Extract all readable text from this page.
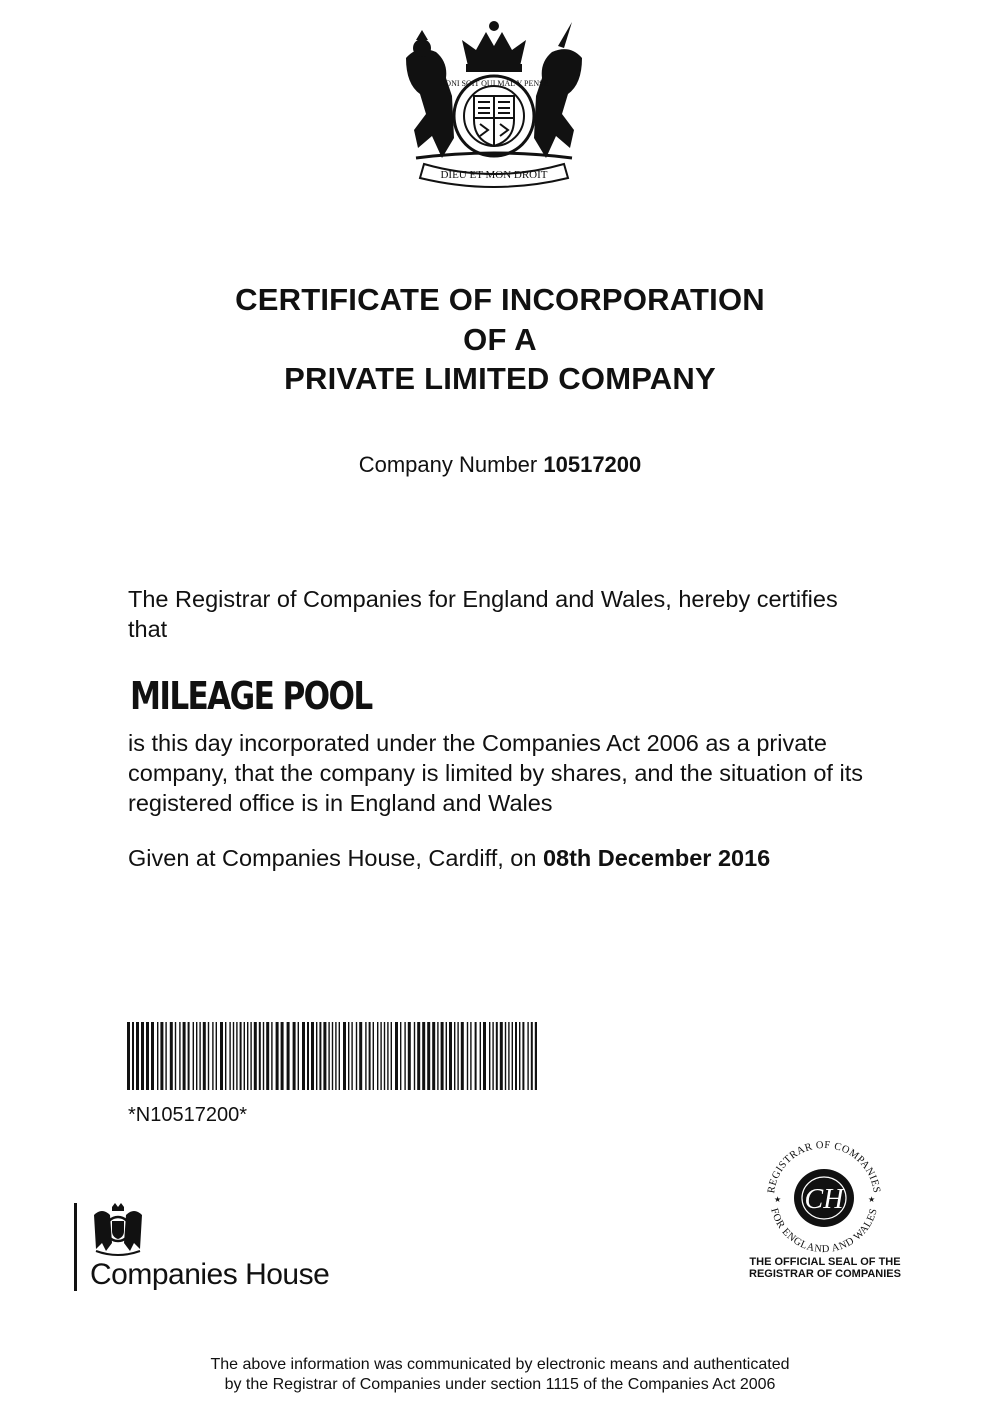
DIEU ET MON DROIT
HONI SOIT QUI MAL Y PENSE
CERTIFICATE OF INCORPORATION
OF A
PRIVATE LIMITED COMPANY
Company Number 10517200
The Registrar of Companies for England and Wales, hereby certifies
that
MILEAGE POOL
is this day incorporated under the Companies Act 2006 as a private
company, that the company is limited by shares, and the situation of its
registered office is in England and Wales
Given at Companies House, Cardiff, on 08th December 2016
*N10517200*
Companies House
REGISTRAR OF COMPANIES
FOR ENGLAND AND WALES
CH
★	★
THE OFFICIAL SEAL OF THE
REGISTRAR OF COMPANIES
The above information was communicated by electronic means and authenticated
by the Registrar of Companies under section 1115 of the Companies Act 2006
